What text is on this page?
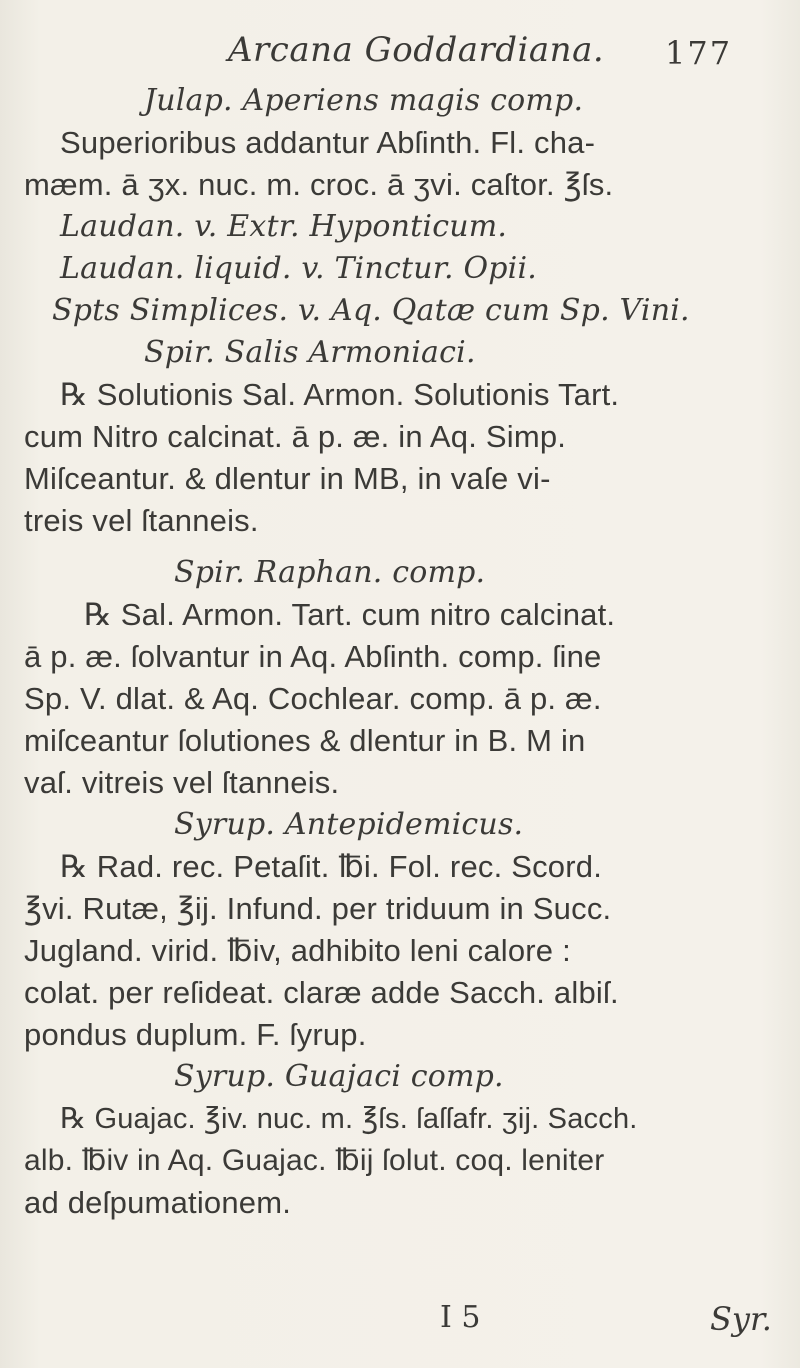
Arcana Goddardiana. 177
Julap. Aperiens magis comp.
Superioribus addantur Abſinth. Fl. cha-
mæm. ā ʒx. nuc. m. croc. ā ʒvi. caſtor. ℥ſs.
Laudan. v. Extr. Hyponticum.
Laudan. liquid. v. Tinctur. Opii.
Spts Simplices. v. Aq. Qatæ cum Sp. Vini.
Spir. Salis Armoniaci.
℞ Solutionis Sal. Armon. Solutionis Tart.
cum Nitro calcinat. ā p. æ. in Aq. Simp.
Miſceantur. & dlentur in MB, in vaſe vi-
treis vel ſtanneis.
Spir. Raphan. comp.
℞ Sal. Armon. Tart. cum nitro calcinat.
ā p. æ. ſolvantur in Aq. Abſinth. comp. ſine
Sp. V. dlat. & Aq. Cochlear. comp. ā p. æ.
miſceantur ſolutiones & dlentur in B. M in
vaſ. vitreis vel ſtanneis.
Syrup. Antepidemicus.
℞ Rad. rec. Petaſit. ℔i. Fol. rec. Scord.
℥vi. Rutæ, ℥ij. Infund. per triduum in Succ.
Jugland. virid. ℔iv, adhibito leni calore :
colat. per reſideat. claræ adde Sacch. albiſ.
pondus duplum. F. ſyrup.
Syrup. Guajaci comp.
℞ Guajac. ℥iv. nuc. m. ℥ſs. ſaſſafr. ʒij. Sacch.
alb. ℔iv in Aq. Guajac. ℔ij ſolut. coq. leniter
ad deſpumationem.
I 5	Syr.
